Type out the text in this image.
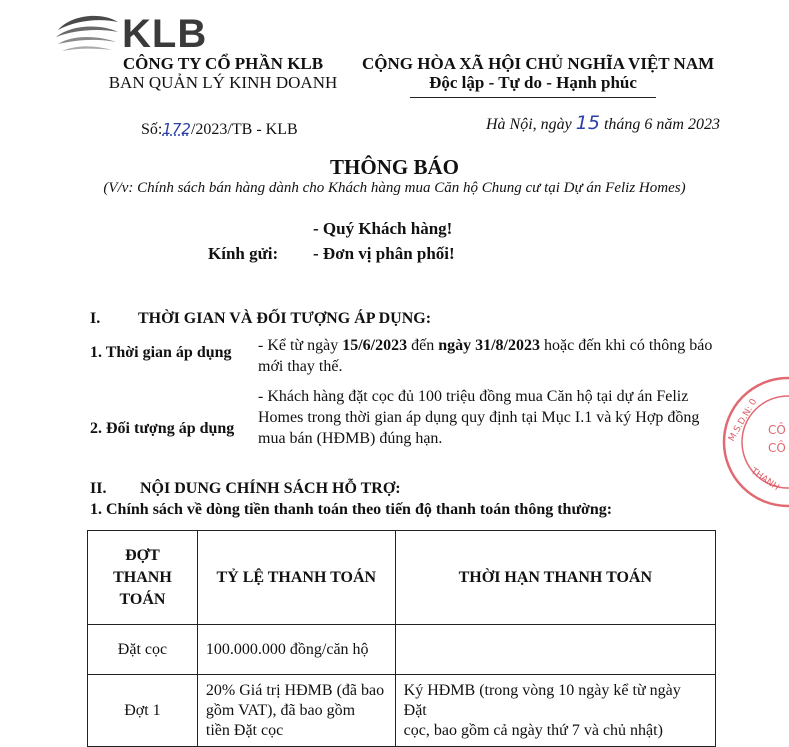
KLB
CÔNG TY CỔ PHẦN KLB
BAN QUẢN LÝ KINH DOANH
Số:172/2023/TB - KLB
CỘNG HÒA XÃ HỘI CHỦ NGHĨA VIỆT NAM
Độc lập - Tự do - Hạnh phúc
Hà Nội, ngày 15 tháng 6 năm 2023
THÔNG BÁO
(V/v: Chính sách bán hàng dành cho Khách hàng mua Căn hộ Chung cư tại Dự án Feliz Homes)
Kính gửi:
- Quý Khách hàng!
- Đơn vị phân phối!
I. THỜI GIAN VÀ ĐỐI TƯỢNG ÁP DỤNG:
1. Thời gian áp dụng - Kể từ ngày 15/6/2023 đến ngày 31/8/2023 hoặc đến khi có thông báo
mới thay thế.
- Khách hàng đặt cọc đủ 100 triệu đồng mua Căn hộ tại dự án Feliz
Homes trong thời gian áp dụng quy định tại Mục I.1 và ký Hợp đồng
mua bán (HĐMB) đúng hạn.
2. Đối tượng áp dụng
II. NỘI DUNG CHÍNH SÁCH HỖ TRỢ:
1. Chính sách về dòng tiền thanh toán theo tiến độ thanh toán thông thường:
ĐỢT
THANH
TOÁN	TỶ LỆ THANH TOÁN	THỜI HẠN THANH TOÁN
Đặt cọc	100.000.000 đồng/căn hộ	
Đợt 1	20% Giá trị HĐMB (đã bao
gồm VAT), đã bao gồm
tiền Đặt cọc	Ký HĐMB (trong vòng 10 ngày kể từ ngày Đặt
cọc, bao gồm cả ngày thứ 7 và chủ nhật)
M.S.D.N: 0 CÔ
CÔ
THANH
